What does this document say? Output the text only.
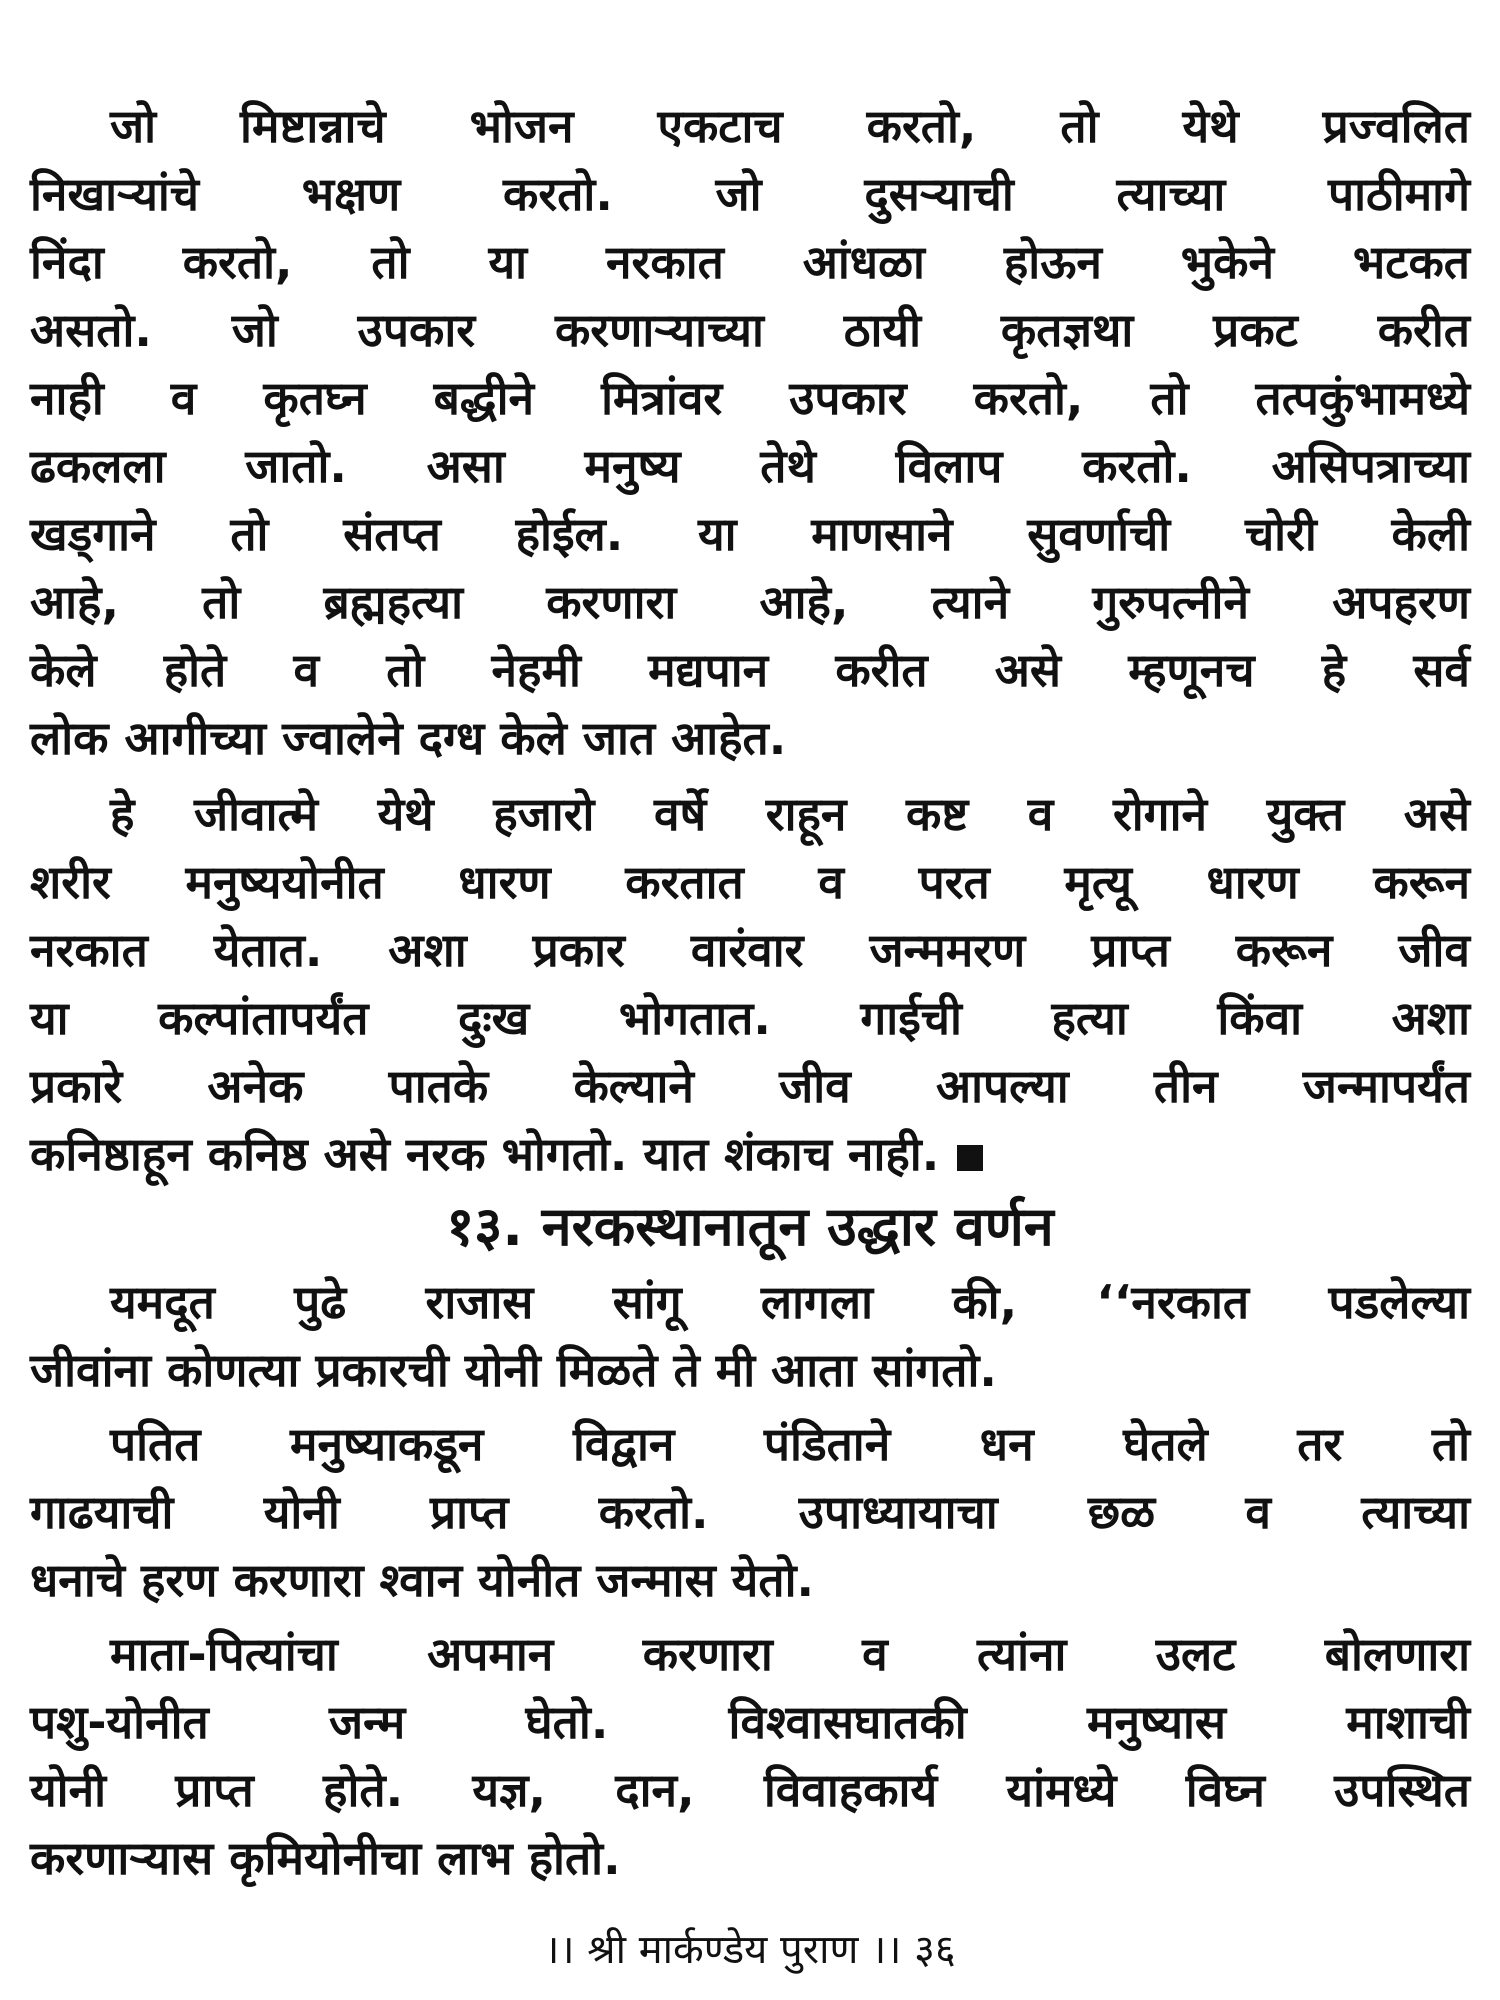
जो मिष्टान्नाचे भोजन एकटाच करतो, तो येथे प्रज्वलित
निखाऱ्यांचे भक्षण करतो. जो दुसऱ्याची त्याच्या पाठीमागे
निंदा करतो, तो या नरकात आंधळा होऊन भुकेने भटकत
असतो. जो उपकार करणाऱ्याच्या ठायी कृतज्ञथा प्रकट करीत
नाही व कृतघ्न बद्धीने मित्रांवर उपकार करतो, तो तत्पकुंभामध्ये
ढकलला जातो. असा मनुष्य तेथे विलाप करतो. असिपत्राच्या
खड्गाने तो संतप्त होईल. या माणसाने सुवर्णाची चोरी केली
आहे, तो ब्रह्महत्या करणारा आहे, त्याने गुरुपत्नीने अपहरण
केले होते व तो नेहमी मद्यपान करीत असे म्हणूनच हे सर्व
लोक आगीच्या ज्वालेने दग्ध केले जात आहेत.
हे जीवात्मे येथे हजारो वर्षे राहून कष्ट व रोगाने युक्त असे
शरीर मनुष्ययोनीत धारण करतात व परत मृत्यू धारण करून
नरकात येतात. अशा प्रकार वारंवार जन्ममरण प्राप्त करून जीव
या कल्पांतापर्यंत दुःख भोगतात. गाईची हत्या किंवा अशा
प्रकारे अनेक पातके केल्याने जीव आपल्या तीन जन्मापर्यंत
कनिष्ठाहून कनिष्ठ असे नरक भोगतो. यात शंकाच नाही.
१३. नरकस्थानातून उद्धार वर्णन
यमदूत पुढे राजास सांगू लागला की, ‘‘नरकात पडलेल्या
जीवांना कोणत्या प्रकारची योनी मिळते ते मी आता सांगतो.
पतित मनुष्याकडून विद्वान पंडिताने धन घेतले तर तो
गाढयाची योनी प्राप्त करतो. उपाध्यायाचा छळ व त्याच्या
धनाचे हरण करणारा श्वान योनीत जन्मास येतो.
माता-पित्यांचा अपमान करणारा व त्यांना उलट बोलणारा
पशु-योनीत जन्म घेतो. विश्वासघातकी मनुष्यास माशाची
योनी प्राप्त होते. यज्ञ, दान, विवाहकार्य यांमध्ये विघ्न उपस्थित
करणाऱ्यास कृमियोनीचा लाभ होतो.
।। श्री मार्कण्डेय पुराण ।। ३६
